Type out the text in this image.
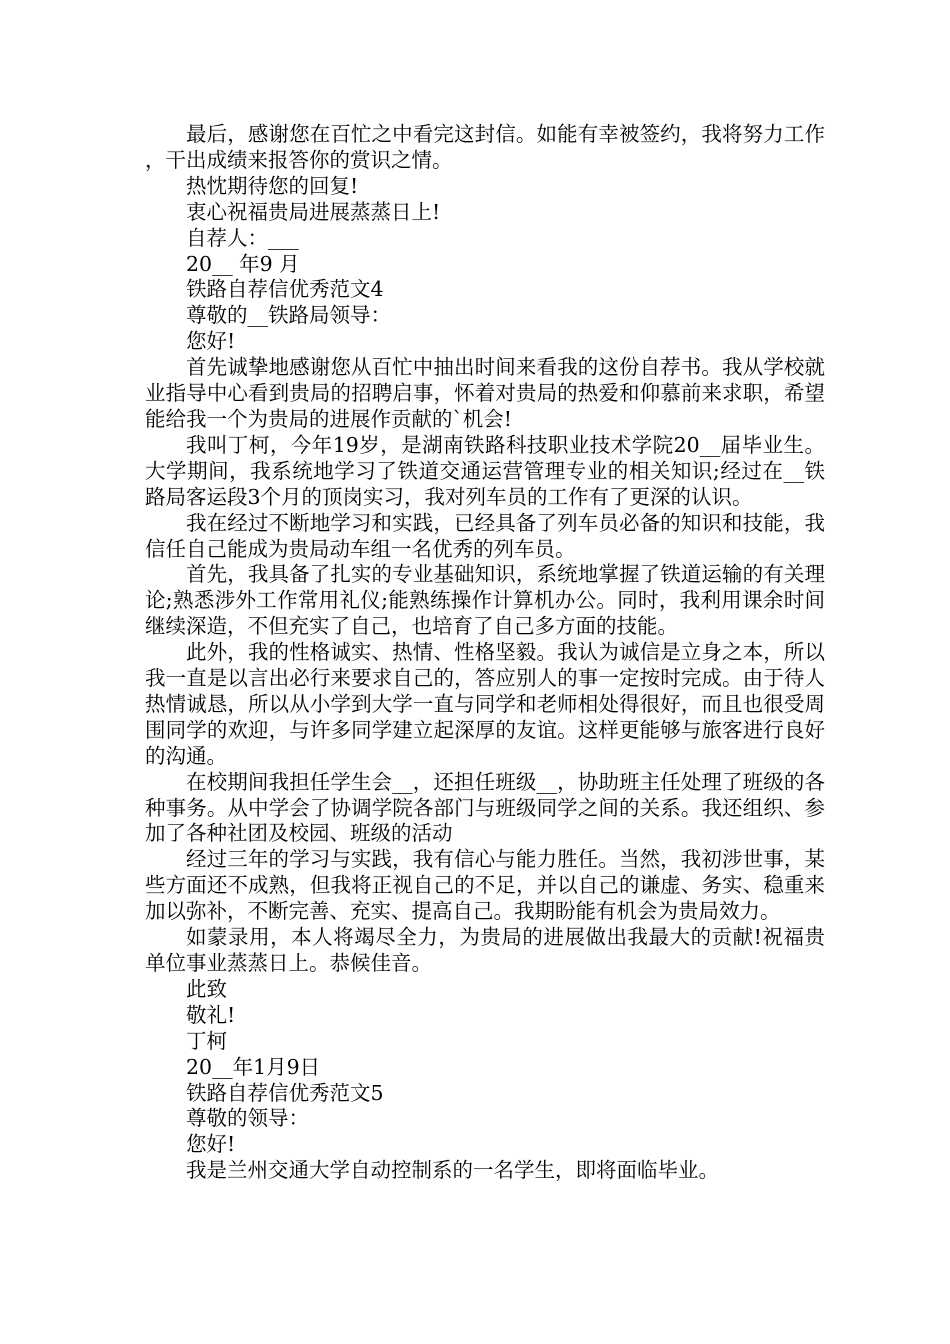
最后，感谢您在百忙之中看完这封信。如能有幸被签约，我将努力工作，干出成绩来报答你的赏识之情。

热忱期待您的回复!

衷心祝福贵局进展蒸蒸日上!

自荐人：___

20__ 年9 月

铁路自荐信优秀范文4

尊敬的__铁路局领导：

您好!

首先诚挚地感谢您从百忙中抽出时间来看我的这份自荐书。我从学校就业指导中心看到贵局的招聘启事，怀着对贵局的热爱和仰慕前来求职，希望能给我一个为贵局的进展作贡献的`机会!

我叫丁柯，今年19岁，是湖南铁路科技职业技术学院20__届毕业生。大学期间，我系统地学习了铁道交通运营管理专业的相关知识;经过在__铁路局客运段3个月的顶岗实习，我对列车员的工作有了更深的认识。

我在经过不断地学习和实践，已经具备了列车员必备的知识和技能，我信任自己能成为贵局动车组一名优秀的列车员。

首先，我具备了扎实的专业基础知识，系统地掌握了铁道运输的有关理论;熟悉涉外工作常用礼仪;能熟练操作计算机办公。同时，我利用课余时间继续深造，不但充实了自己，也培育了自己多方面的技能。

此外，我的性格诚实、热情、性格坚毅。我认为诚信是立身之本，所以我一直是以言出必行来要求自己的，答应别人的事一定按时完成。由于待人热情诚恳，所以从小学到大学一直与同学和老师相处得很好，而且也很受周围同学的欢迎，与许多同学建立起深厚的友谊。这样更能够与旅客进行良好的沟通。

在校期间我担任学生会__，还担任班级__，协助班主任处理了班级的各种事务。从中学会了协调学院各部门与班级同学之间的关系。我还组织、参加了各种社团及校园、班级的活动

经过三年的学习与实践，我有信心与能力胜任。当然，我初涉世事，某些方面还不成熟，但我将正视自己的不足，并以自己的谦虚、务实、稳重来加以弥补，不断完善、充实、提高自己。我期盼能有机会为贵局效力。

如蒙录用，本人将竭尽全力，为贵局的进展做出我最大的贡献!祝福贵单位事业蒸蒸日上。恭候佳音。

此致

敬礼!

丁柯

20__年1月9日

铁路自荐信优秀范文5

尊敬的领导：

您好!

我是兰州交通大学自动控制系的一名学生，即将面临毕业。
